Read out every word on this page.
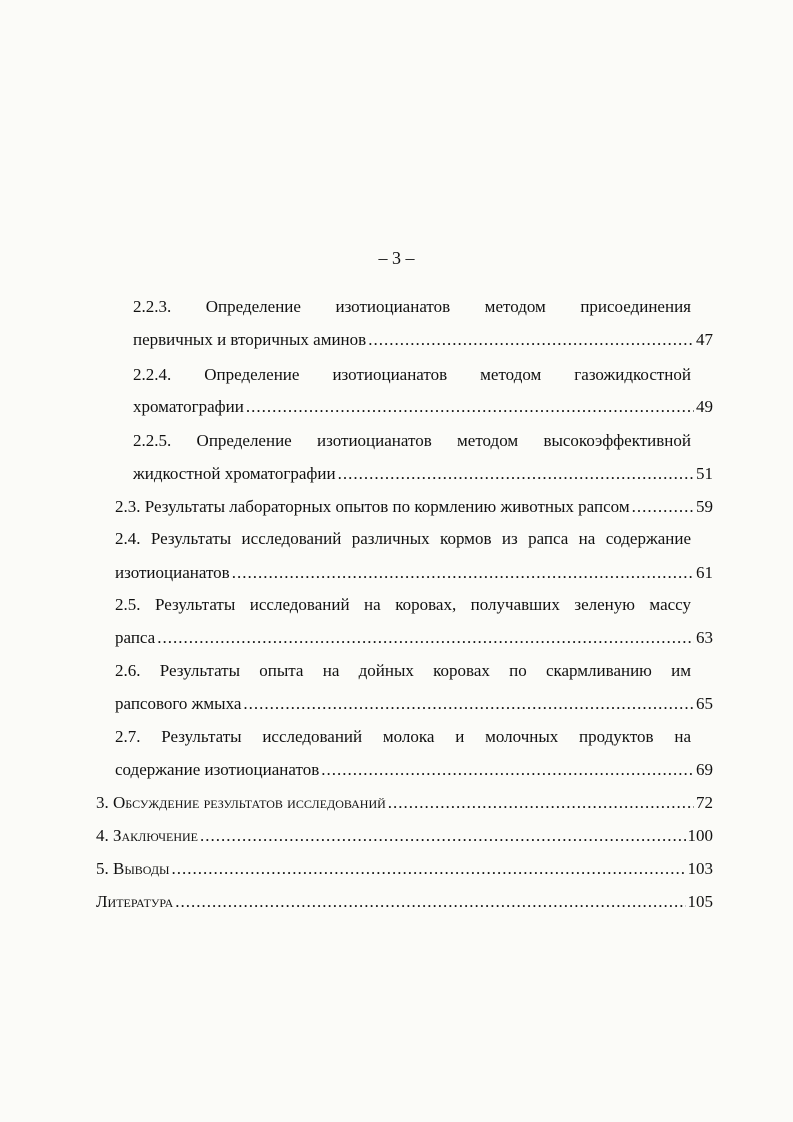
– 3 –
2.2.3. Определение изотиоцианатов методом присоединения
первичных и вторичных аминов .....	47
2.2.4. Определение изотиоцианатов методом газожидкостной
хроматографии .....	49
2.2.5. Определение изотиоцианатов методом высокоэффективной
жидкостной хроматографии .....	51
2.3. Результаты лабораторных опытов по кормлению животных рапсом .....	59
2.4. Результаты исследований различных кормов из рапса на содержание
изотиоцианатов .....	61
2.5. Результаты исследований на коровах, получавших зеленую массу
рапса .....	63
2.6. Результаты опыта на дойных коровах по скармливанию им
рапсового жмыха .....	65
2.7. Результаты исследований молока и молочных продуктов на
содержание изотиоцианатов .....	69
3. Обсуждение результатов исследований .....	72
4. Заключение .....	100
5. Выводы .....	103
Литература .....	105
